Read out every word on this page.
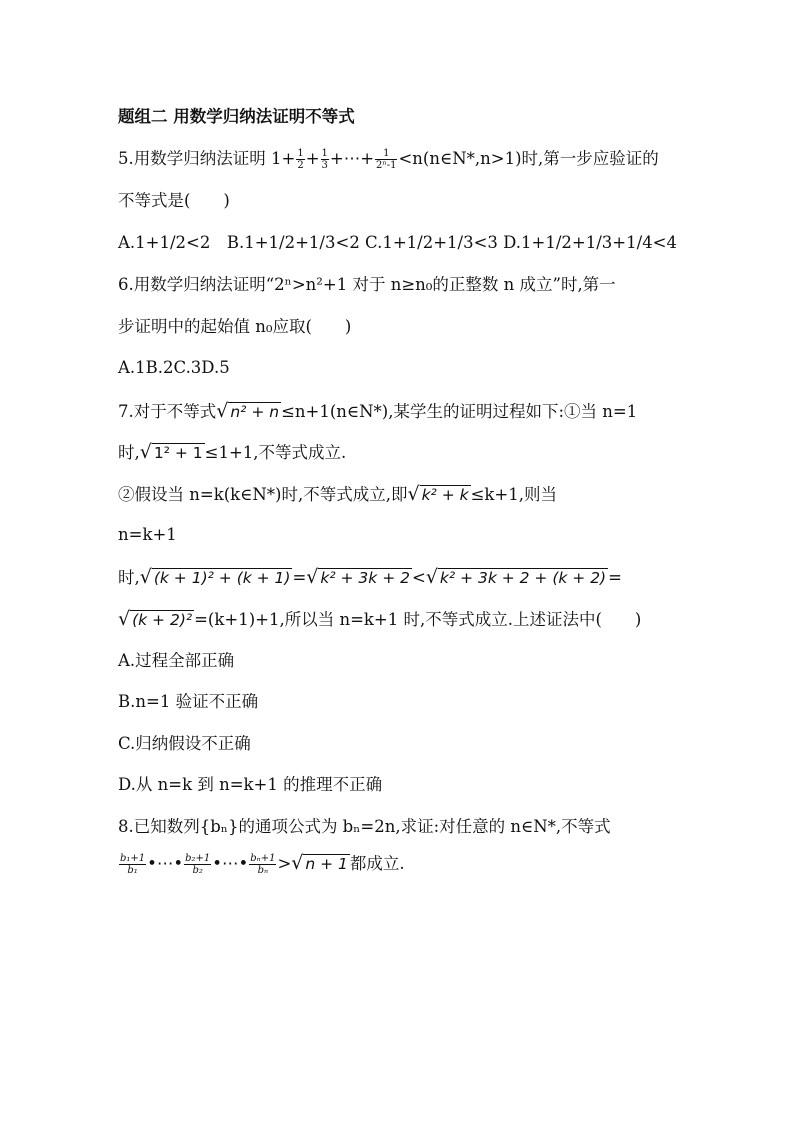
题组二 用数学归纳法证明不等式
5.用数学归纳法证明 $1+ \frac{1}{2} + \frac{1}{3}$ +⋯+ $\frac{1}{\text{2ⁿ-1}}$ <n(n∈N*,n>1)时,第一步应验证的
不等式是(　　)
A.1+1/2<2　B.1+1/2+1/3<2 C.1+1/2+1/3<3 D.1+1/2+1/3+1/4<4
6.用数学归纳法证明“2ⁿ>n²+1 对于 n≥n₀的正整数 n 成立”时,第一
步证明中的起始值 n₀应取(　　)
A.1B.2C.3D.5
7.对于不等式√ n² + n ≤n+1(n∈N*),某学生的证明过程如下:①当 n=1
时,√ 1² + 1 ≤1+1,不等式成立.
②假设当 n=k(k∈N*)时,不等式成立,即√ k² + k ≤k+1,则当
n=k+1
时,√ (k + 1)² + (k + 1) =√ k² + 3k + 2 <√ k² + 3k + 2 + (k + 2) =
√ (k + 2)² =(k+1)+1,所以当 n=k+1 时,不等式成立.上述证法中(　　)
A.过程全部正确
B.n=1 验证不正确
C.归纳假设不正确
D.从 n=k 到 n=k+1 的推理不正确
8.已知数列{bₙ}的通项公式为 bₙ=2n,求证:对任意的 n∈N*,不等式
$\frac{\text{b₁+1}}{\text{b₁}}$ •⋯• $\frac{\text{b₂+1}}{\text{b₂}}$ •⋯• $\frac{\text{bₙ+1}}{\text{bₙ}}$ >√ n + 1 都成立.
